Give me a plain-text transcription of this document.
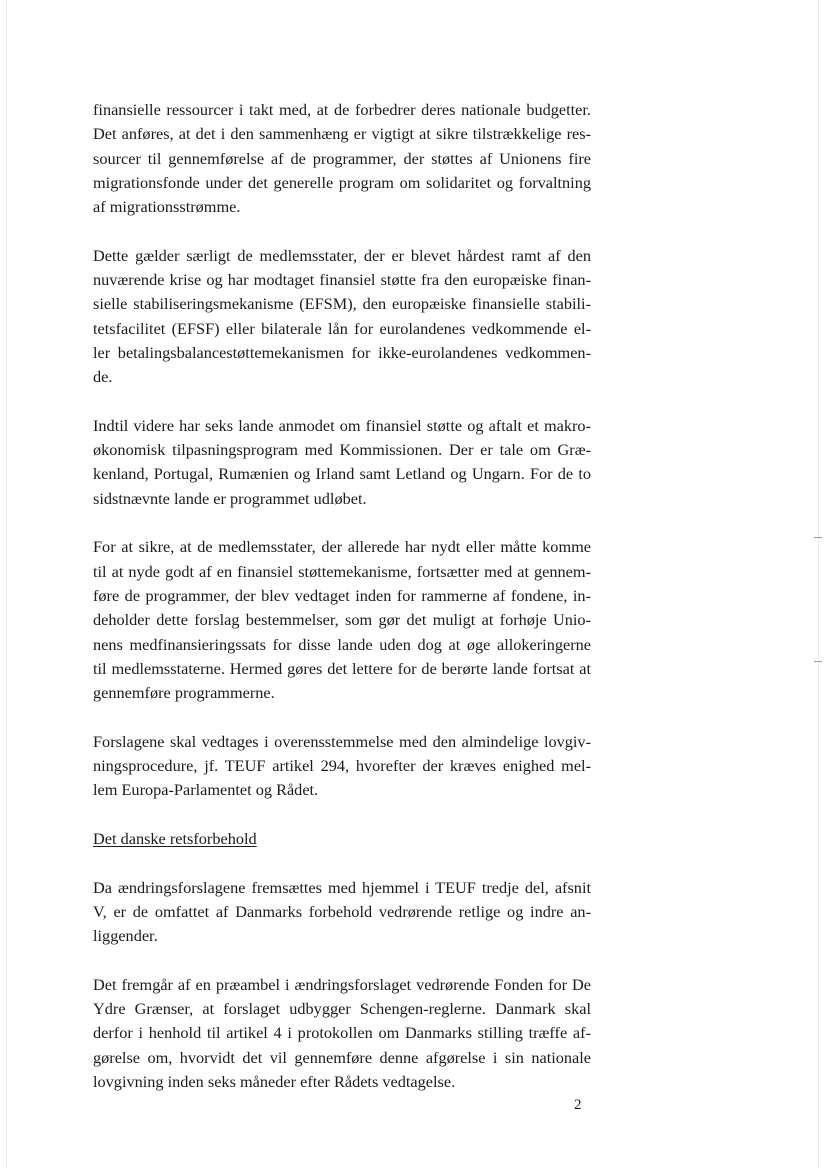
finansielle ressourcer i takt med, at de forbedrer deres nationale budgetter.
Det anføres, at det i den sammenhæng er vigtigt at sikre tilstrækkelige res-
sourcer til gennemførelse af de programmer, der støttes af Unionens fire
migrationsfonde under det generelle program om solidaritet og forvaltning
af migrationsstrømme.
Dette gælder særligt de medlemsstater, der er blevet hårdest ramt af den
nuværende krise og har modtaget finansiel støtte fra den europæiske finan-
sielle stabiliseringsmekanisme (EFSM), den europæiske finansielle stabili-
tetsfacilitet (EFSF) eller bilaterale lån for eurolandenes vedkommende el-
ler betalingsbalancestøttemekanismen for ikke-eurolandenes vedkommen-
de.
Indtil videre har seks lande anmodet om finansiel støtte og aftalt et makro-
økonomisk tilpasningsprogram med Kommissionen. Der er tale om Græ-
kenland, Portugal, Rumænien og Irland samt Letland og Ungarn. For de to
sidstnævnte lande er programmet udløbet.
For at sikre, at de medlemsstater, der allerede har nydt eller måtte komme
til at nyde godt af en finansiel støttemekanisme, fortsætter med at gennem-
føre de programmer, der blev vedtaget inden for rammerne af fondene, in-
deholder dette forslag bestemmelser, som gør det muligt at forhøje Unio-
nens medfinansieringssats for disse lande uden dog at øge allokeringerne
til medlemsstaterne. Hermed gøres det lettere for de berørte lande fortsat at
gennemføre programmerne.
Forslagene skal vedtages i overensstemmelse med den almindelige lovgiv-
ningsprocedure, jf. TEUF artikel 294, hvorefter der kræves enighed mel-
lem Europa-Parlamentet og Rådet.
Det danske retsforbehold
Da ændringsforslagene fremsættes med hjemmel i TEUF tredje del, afsnit
V, er de omfattet af Danmarks forbehold vedrørende retlige og indre an-
liggender.
Det fremgår af en præambel i ændringsforslaget vedrørende Fonden for De
Ydre Grænser, at forslaget udbygger Schengen-reglerne. Danmark skal
derfor i henhold til artikel 4 i protokollen om Danmarks stilling træffe af-
gørelse om, hvorvidt det vil gennemføre denne afgørelse i sin nationale
lovgivning inden seks måneder efter Rådets vedtagelse.
2
